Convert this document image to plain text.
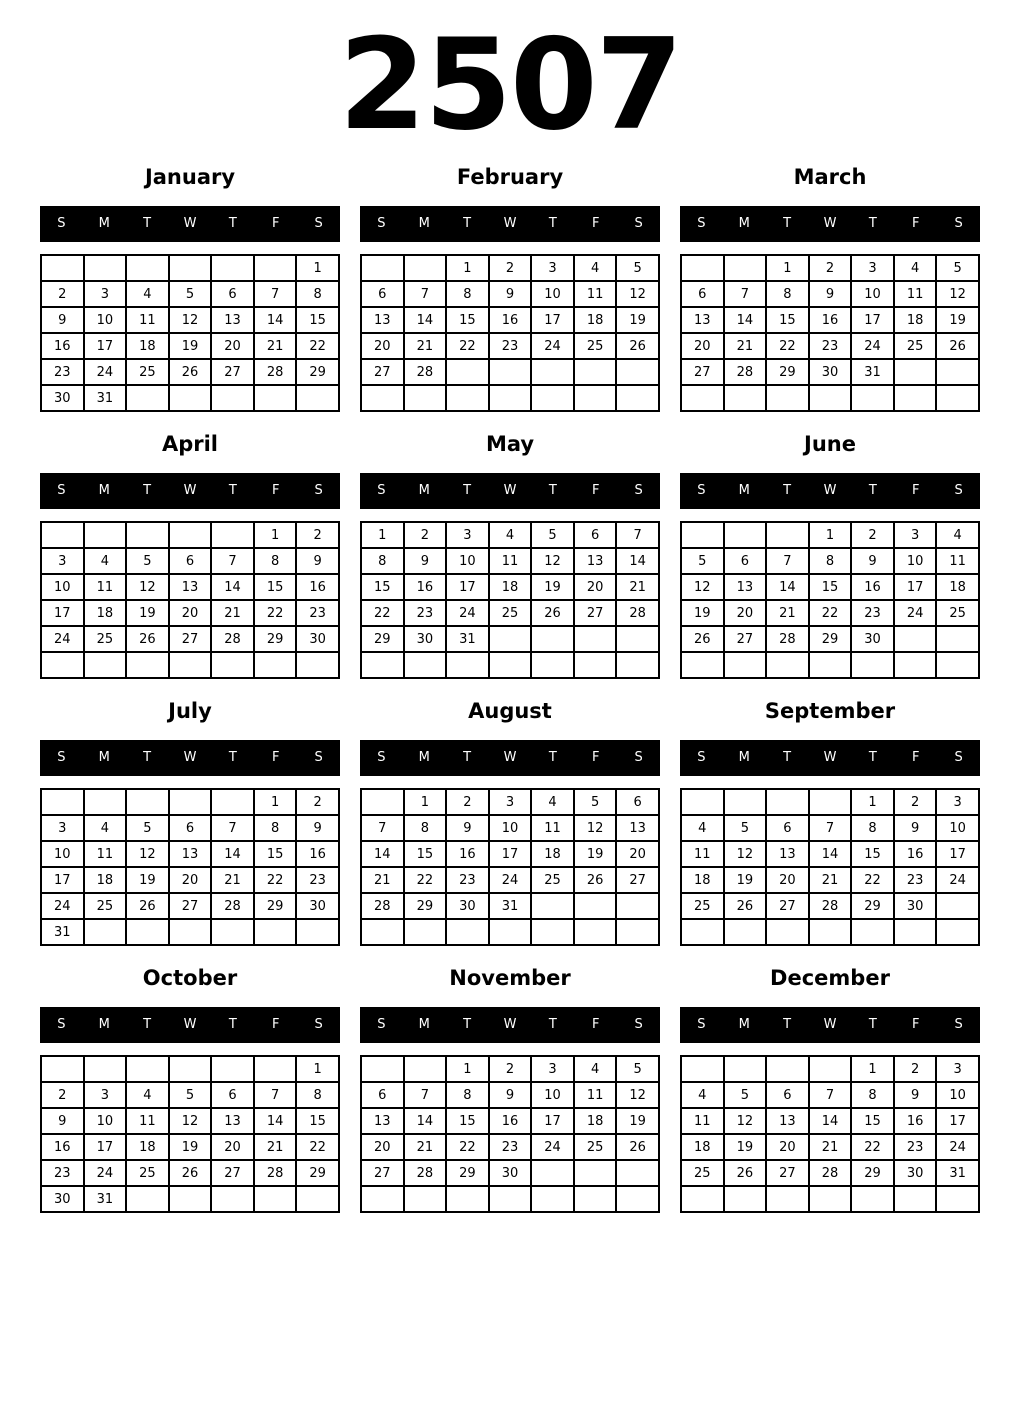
2507
January
S	M	T	W	T	F	S
						1
2	3	4	5	6	7	8
9	10	11	12	13	14	15
16	17	18	19	20	21	22
23	24	25	26	27	28	29
30	31					
February
S	M	T	W	T	F	S
		1	2	3	4	5
6	7	8	9	10	11	12
13	14	15	16	17	18	19
20	21	22	23	24	25	26
27	28					

March
S	M	T	W	T	F	S
		1	2	3	4	5
6	7	8	9	10	11	12
13	14	15	16	17	18	19
20	21	22	23	24	25	26
27	28	29	30	31		

April
S	M	T	W	T	F	S
					1	2
3	4	5	6	7	8	9
10	11	12	13	14	15	16
17	18	19	20	21	22	23
24	25	26	27	28	29	30

May
S	M	T	W	T	F	S
1	2	3	4	5	6	7
8	9	10	11	12	13	14
15	16	17	18	19	20	21
22	23	24	25	26	27	28
29	30	31				

June
S	M	T	W	T	F	S
			1	2	3	4
5	6	7	8	9	10	11
12	13	14	15	16	17	18
19	20	21	22	23	24	25
26	27	28	29	30		

July
S	M	T	W	T	F	S
					1	2
3	4	5	6	7	8	9
10	11	12	13	14	15	16
17	18	19	20	21	22	23
24	25	26	27	28	29	30
31						
August
S	M	T	W	T	F	S
	1	2	3	4	5	6
7	8	9	10	11	12	13
14	15	16	17	18	19	20
21	22	23	24	25	26	27
28	29	30	31			

September
S	M	T	W	T	F	S
				1	2	3
4	5	6	7	8	9	10
11	12	13	14	15	16	17
18	19	20	21	22	23	24
25	26	27	28	29	30	

October
S	M	T	W	T	F	S
						1
2	3	4	5	6	7	8
9	10	11	12	13	14	15
16	17	18	19	20	21	22
23	24	25	26	27	28	29
30	31					
November
S	M	T	W	T	F	S
		1	2	3	4	5
6	7	8	9	10	11	12
13	14	15	16	17	18	19
20	21	22	23	24	25	26
27	28	29	30			

December
S	M	T	W	T	F	S
				1	2	3
4	5	6	7	8	9	10
11	12	13	14	15	16	17
18	19	20	21	22	23	24
25	26	27	28	29	30	31
